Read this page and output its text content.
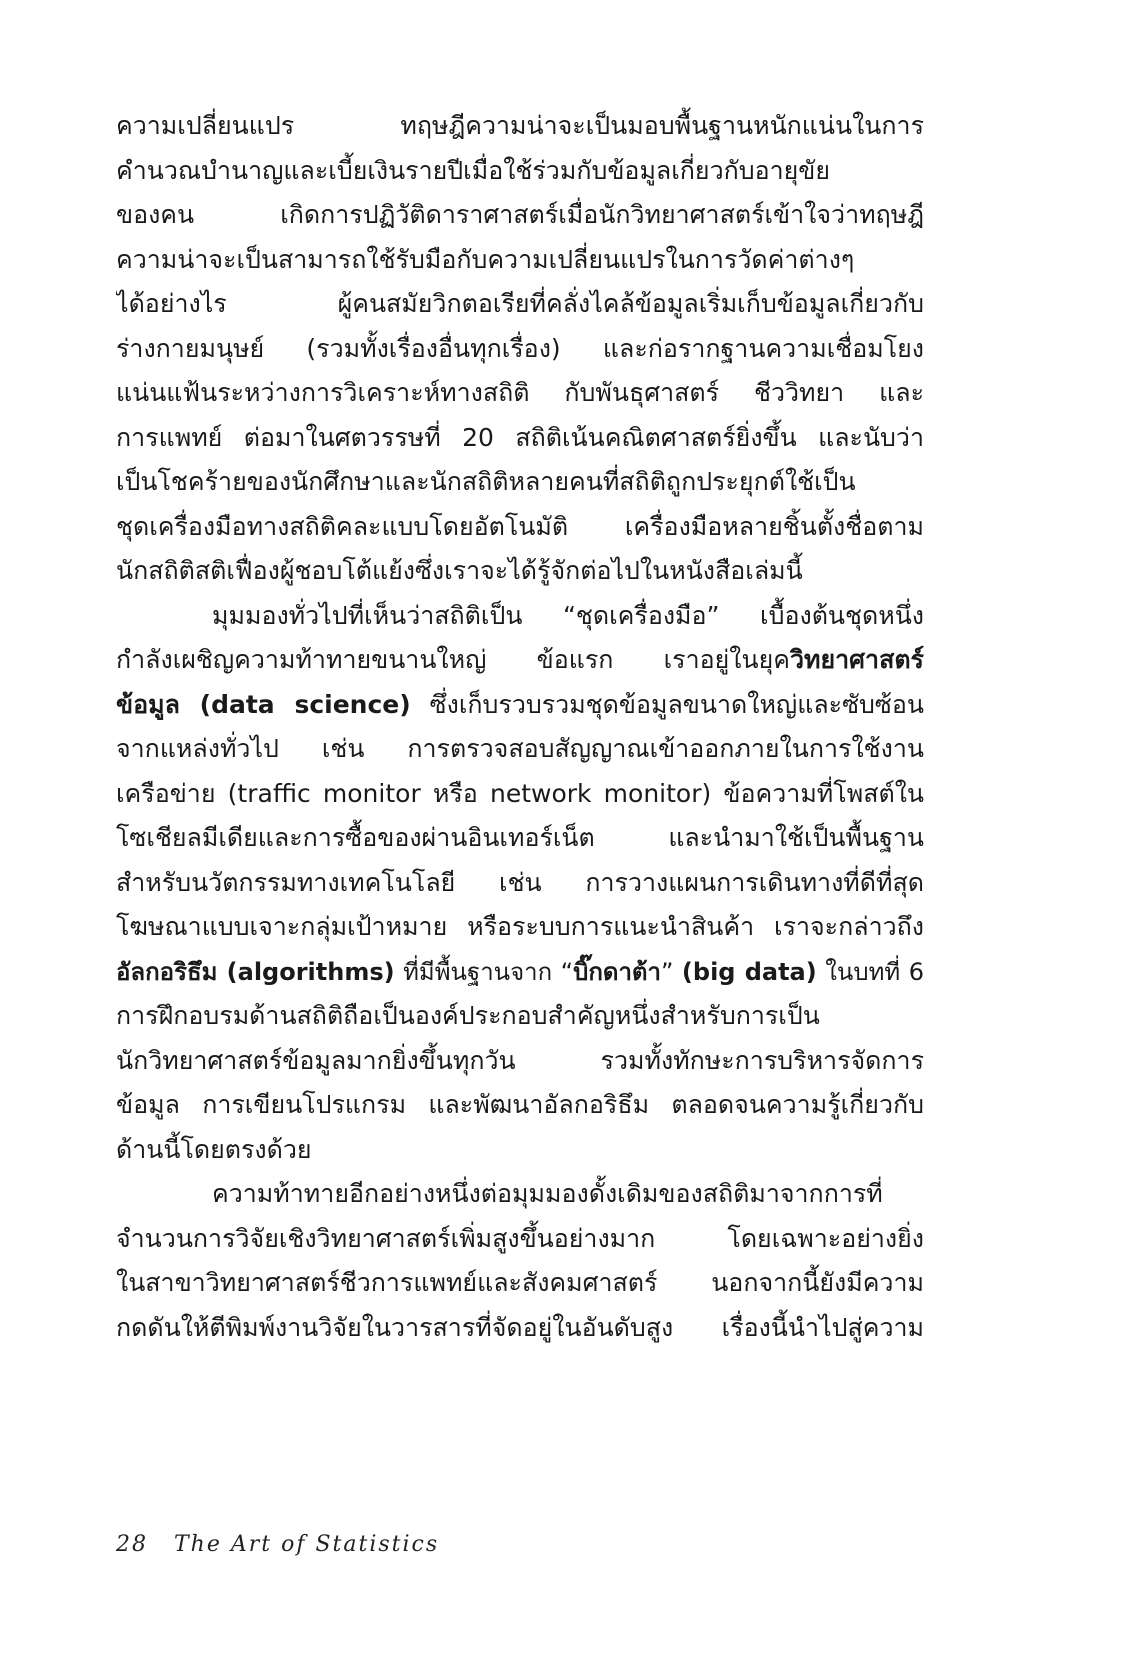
ความเปลี่ยนแปร ทฤษฎีความน่าจะเป็นมอบพื้นฐานหนักแน่นในการ
คำนวณบำนาญและเบี้ยเงินรายปีเมื่อใช้ร่วมกับข้อมูลเกี่ยวกับอายุขัย
ของคน เกิดการปฏิวัติดาราศาสตร์เมื่อนักวิทยาศาสตร์เข้าใจว่าทฤษฎี
ความน่าจะเป็นสามารถใช้รับมือกับความเปลี่ยนแปรในการวัดค่าต่างๆ
ได้อย่างไร ผู้คนสมัยวิกตอเรียที่คลั่งไคล้ข้อมูลเริ่มเก็บข้อมูลเกี่ยวกับ
ร่างกายมนุษย์ (รวมทั้งเรื่องอื่นทุกเรื่อง) และก่อรากฐานความเชื่อมโยง
แน่นแฟ้นระหว่างการวิเคราะห์ทางสถิติ กับพันธุศาสตร์ ชีววิทยา และ
การแพทย์ ต่อมาในศตวรรษที่ 20 สถิติเน้นคณิตศาสตร์ยิ่งขึ้น และนับว่า
เป็นโชคร้ายของนักศึกษาและนักสถิติหลายคนที่สถิติถูกประยุกต์ใช้เป็น
ชุดเครื่องมือทางสถิติคละแบบโดยอัตโนมัติ เครื่องมือหลายชิ้นตั้งชื่อตาม
นักสถิติสติเฟื่องผู้ชอบโต้แย้งซึ่งเราจะได้รู้จักต่อไปในหนังสือเล่มนี้
มุมมองทั่วไปที่เห็นว่าสถิติเป็น “ชุดเครื่องมือ” เบื้องต้นชุดหนึ่ง
กำลังเผชิญความท้าทายขนานใหญ่ ข้อแรก เราอยู่ในยุควิทยาศาสตร์
ข้อมูล (data science) ซึ่งเก็บรวบรวมชุดข้อมูลขนาดใหญ่และซับซ้อน
จากแหล่งทั่วไป เช่น การตรวจสอบสัญญาณเข้าออกภายในการใช้งาน
เครือข่าย (traffic monitor หรือ network monitor) ข้อความที่โพสต์ใน
โซเชียลมีเดียและการซื้อของผ่านอินเทอร์เน็ต และนำมาใช้เป็นพื้นฐาน
สำหรับนวัตกรรมทางเทคโนโลยี เช่น การวางแผนการเดินทางที่ดีที่สุด
โฆษณาแบบเจาะกลุ่มเป้าหมาย หรือระบบการแนะนำสินค้า เราจะกล่าวถึง
อัลกอริธึม (algorithms) ที่มีพื้นฐานจาก “บิ๊กดาต้า” (big data) ในบทที่ 6
การฝึกอบรมด้านสถิติถือเป็นองค์ประกอบสำคัญหนึ่งสำหรับการเป็น
นักวิทยาศาสตร์ข้อมูลมากยิ่งขึ้นทุกวัน รวมทั้งทักษะการบริหารจัดการ
ข้อมูล การเขียนโปรแกรม และพัฒนาอัลกอริธึม ตลอดจนความรู้เกี่ยวกับ
ด้านนี้โดยตรงด้วย
ความท้าทายอีกอย่างหนึ่งต่อมุมมองดั้งเดิมของสถิติมาจากการที่
จำนวนการวิจัยเชิงวิทยาศาสตร์เพิ่มสูงขึ้นอย่างมาก โดยเฉพาะอย่างยิ่ง
ในสาขาวิทยาศาสตร์ชีวการแพทย์และสังคมศาสตร์ นอกจากนี้ยังมีความ
กดดันให้ตีพิมพ์งานวิจัยในวารสารที่จัดอยู่ในอันดับสูง เรื่องนี้นำไปสู่ความ
28 The Art of Statistics
